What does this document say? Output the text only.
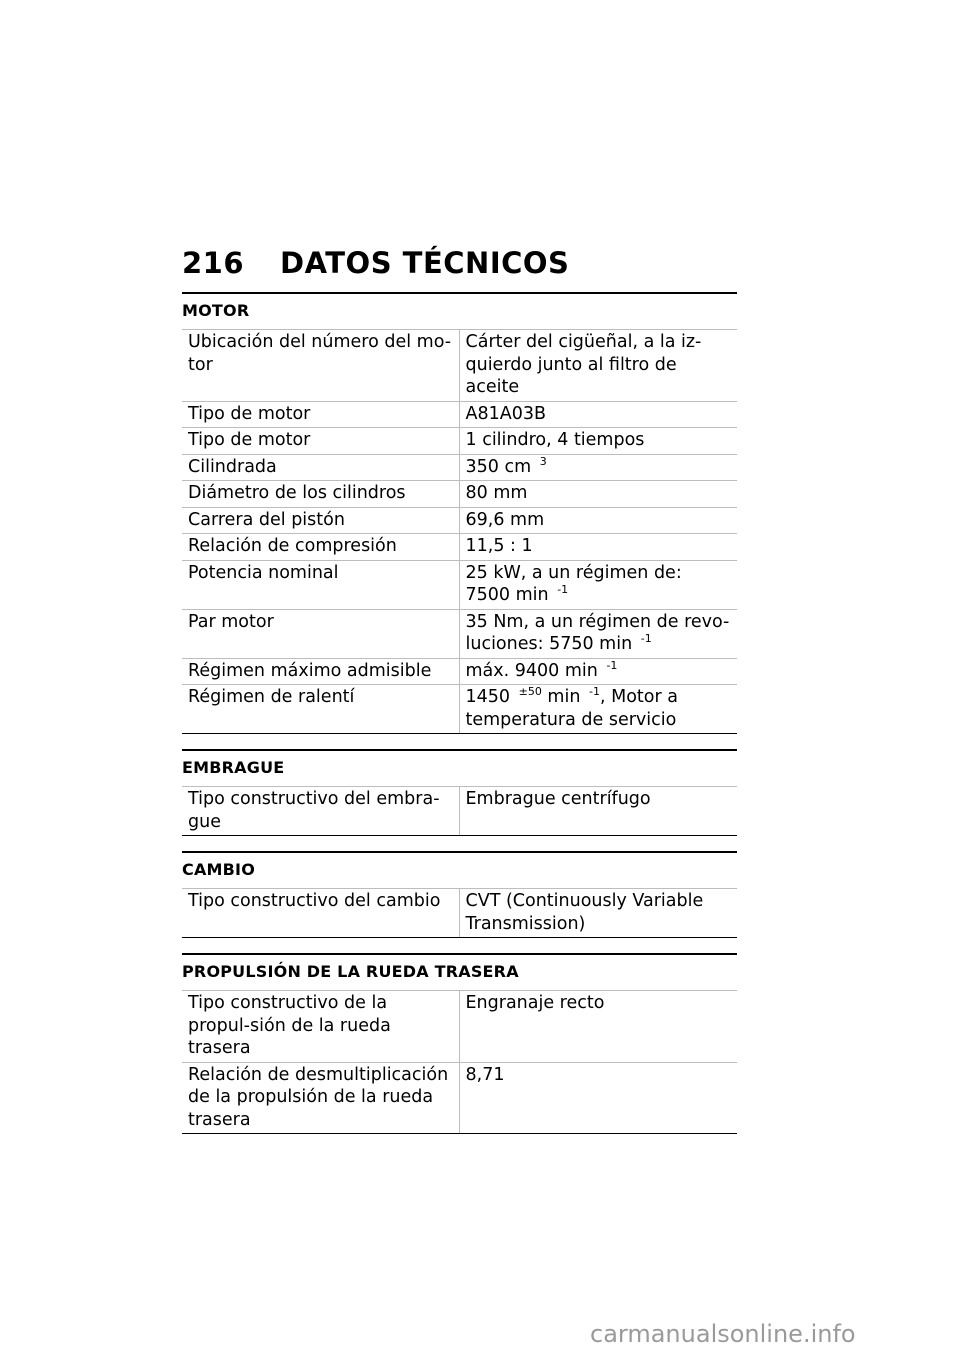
216 DATOS TÉCNICOS
MOTOR
Ubicación del número del mo-tor	Cárter del cigüeñal, a la iz-quierdo junto al filtro de aceite
Tipo de motor	A81A03B
Tipo de motor	1 cilindro, 4 tiempos
Cilindrada	350 cm $^3$
Diámetro de los cilindros	80 mm
Carrera del pistón	69,6 mm
Relación de compresión	11,5 : 1
Potencia nominal	25 kW, a un régimen de: 7500 min $^{-1}$
Par motor	35 Nm, a un régimen de revo-luciones: 5750 min $^{-1}$
Régimen máximo admisible	máx. 9400 min $^{-1}$
Régimen de ralentí	1450 $^{\pm 50}$ min $^{-1}$, Motor a temperatura de servicio
EMBRAGUE
Tipo constructivo del embra-gue	Embrague centrífugo
CAMBIO
Tipo constructivo del cambio	CVT (Continuously Variable Transmission)
PROPULSIÓN DE LA RUEDA TRASERA
Tipo constructivo de la propul-sión de la rueda trasera	Engranaje recto
Relación de desmultiplicación de la propulsión de la rueda trasera	8,71
carmanualsonline.info
